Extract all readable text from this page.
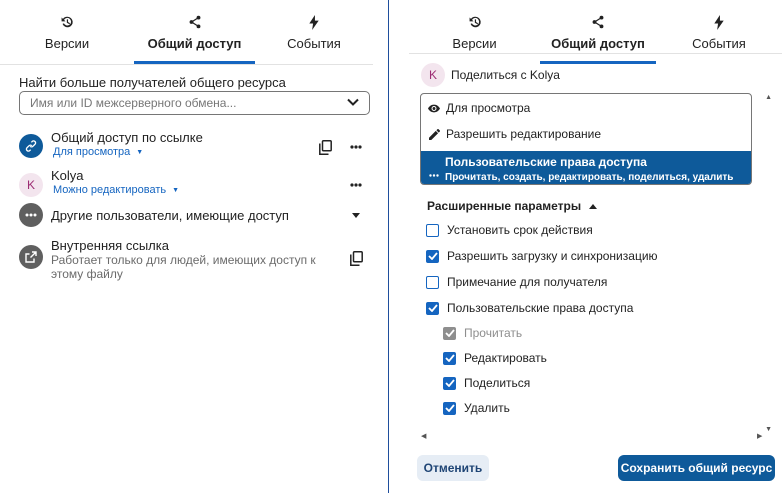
Версии	Общий доступ	События
Найти больше получателей общего ресурса
Имя или ID межсерверного обмена...
Общий доступ по ссылке
Для просмотра ▼
K
Kolya
Можно редактировать ▼
Другие пользователи, имеющие доступ
Внутренняя ссылка
Работает только для людей, имеющих доступ к этому файлу
Версии	Общий доступ	События
K Поделиться с Kolya
Для просмотра
Разрешить редактирование
Пользовательские права доступа
Прочитать, создать, редактировать, поделиться, удалить
▲
Расширенные параметры
Установить срок действия
Разрешить загрузку и синхронизацию
Примечание для получателя
Пользовательские права доступа
Прочитать
Редактировать
Поделиться
Удалить
▼
◀	▶
Отменить	Сохранить общий ресурс
